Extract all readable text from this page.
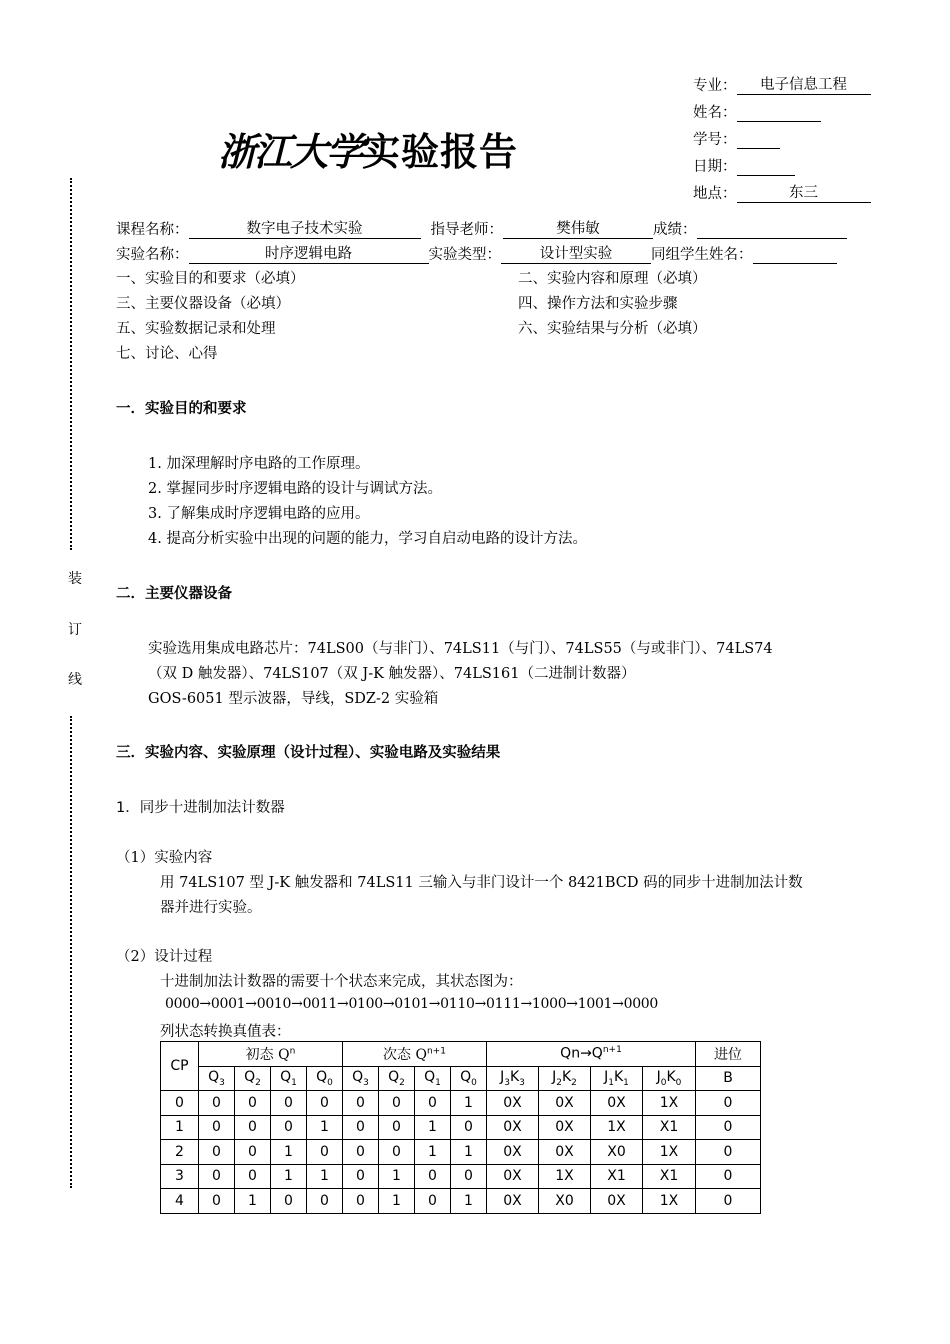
专业： 电子信息工程
姓名：
学号：
日期：
地点：	东三
浙江大学实验报告
装
订
线
课程名称：	数字电子技术实验	指导老师：	樊伟敏	成绩：
实验名称：	时序逻辑电路	实验类型：	设计型实验	同组学生姓名：
一、实验目的和要求（必填）	二、实验内容和原理（必填）
三、主要仪器设备（必填）	四、操作方法和实验步骤
五、实验数据记录和处理	六、实验结果与分析（必填）
七、讨论、心得
一．实验目的和要求
1. 加深理解时序电路的工作原理。
2. 掌握同步时序逻辑电路的设计与调试方法。
3. 了解集成时序逻辑电路的应用。
4. 提高分析实验中出现的问题的能力，学习自启动电路的设计方法。
二．主要仪器设备
实验选用集成电路芯片：74LS00（与非门）、74LS11（与门）、74LS55（与或非门）、74LS74
（双 D 触发器）、74LS107（双 J-K 触发器）、74LS161（二进制计数器）
GOS-6051 型示波器，导线，SDZ-2 实验箱
三．实验内容、实验原理（设计过程）、实验电路及实验结果
1．同步十进制加法计数器
（1）实验内容
用 74LS107 型 J-K 触发器和 74LS11 三输入与非门设计一个 8421BCD 码的同步十进制加法计数
器并进行实验。
（2）设计过程
十进制加法计数器的需要十个状态来完成，其状态图为：
0000→0001→0010→0011→0100→0101→0110→0111→1000→1001→0000
列状态转换真值表：
CP	初态 $Q^n$				次态 $Q^{n+1}$				$Qn\to Q^{n+1}$				进位
	$Q_3$	$Q_2$	$Q_1$	$Q_0$	$Q_3$	$Q_2$	$Q_1$	$Q_0$	$J_3K_3$	$J_2K_2$	$J_1K_1$	$J_0K_0$	B
0	0	0	0	0	0	0	0	1	0X	0X	0X	1X	0
1	0	0	0	1	0	0	1	0	0X	0X	1X	X1	0
2	0	0	1	0	0	0	1	1	0X	0X	X0	1X	0
3	0	0	1	1	0	1	0	0	0X	1X	X1	X1	0
4	0	1	0	0	0	1	0	1	0X	X0	0X	1X	0
